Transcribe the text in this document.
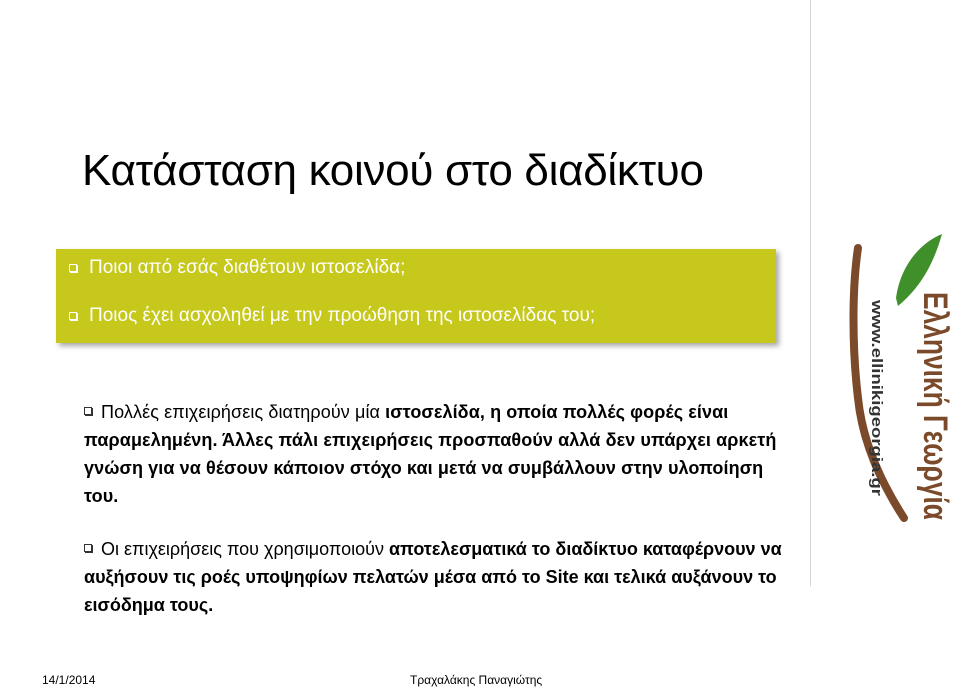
Κατάσταση κοινού στο διαδίκτυο
Ποιοι από εσάς διαθέτουν ιστοσελίδα;
Ποιος έχει ασχοληθεί με την προώθηση της ιστοσελίδας του;
Πολλές επιχειρήσεις διατηρούν μία ιστοσελίδα, η οποία πολλές φορές είναι παραμελημένη. Άλλες πάλι επιχειρήσεις προσπαθούν αλλά δεν υπάρχει αρκετή γνώση για να θέσουν κάποιον στόχο και μετά να συμβάλλουν στην υλοποίηση του.
Οι επιχειρήσεις που χρησιμοποιούν αποτελεσματικά το διαδίκτυο καταφέρνουν να αυξήσουν τις ροές υποψηφίων πελατών μέσα από το Site και τελικά αυξάνουν το εισόδημα τους.
Ελληνική Γεωργία
www.ellinikigeorgia.gr
14/1/2014	Τραχαλάκης Παναγιώτης
